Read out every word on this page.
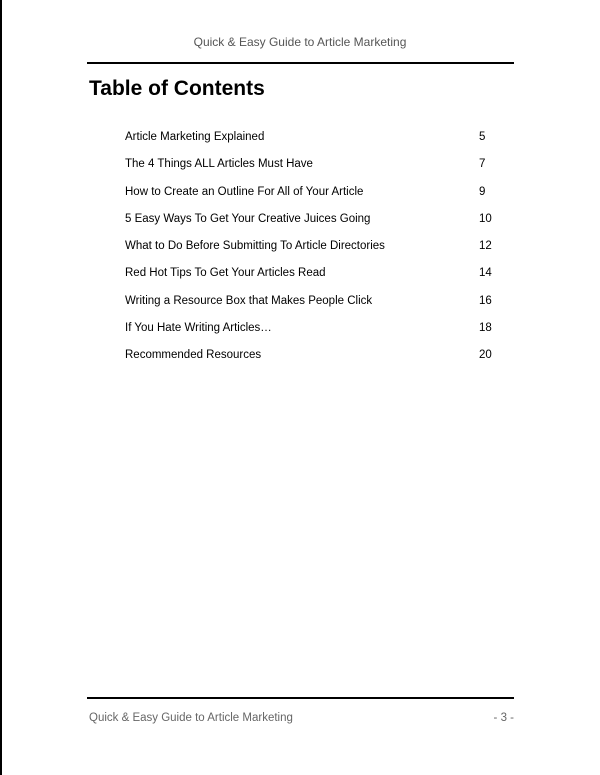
Quick & Easy Guide to Article Marketing
Table of Contents
Article Marketing Explained	5
The 4 Things ALL Articles Must Have	7
How to Create an Outline For All of Your Article	9
5 Easy Ways To Get Your Creative Juices Going	10
What to Do Before Submitting To Article Directories	12
Red Hot Tips To Get Your Articles Read	14
Writing a Resource Box that Makes People Click	16
If You Hate Writing Articles…	18
Recommended Resources	20
Quick & Easy Guide to Article Marketing	- 3 -
